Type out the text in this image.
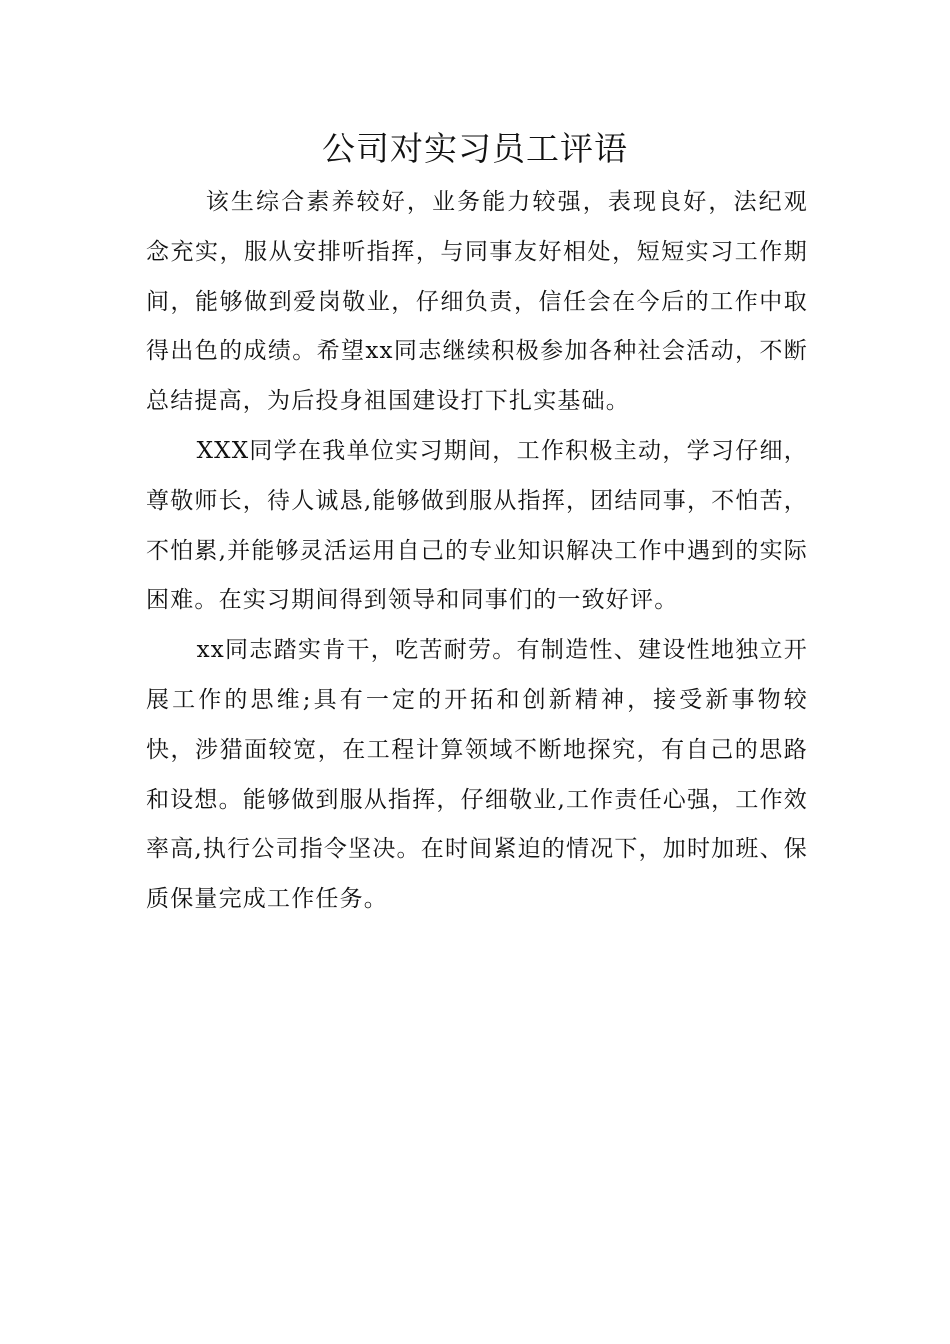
公司对实习员工评语

该生综合素养较好，业务能力较强，表现良好，法纪观念充实，服从安排听指挥，与同事友好相处，短短实习工作期间，能够做到爱岗敬业，仔细负责，信任会在今后的工作中取得出色的成绩。希望xx同志继续积极参加各种社会活动，不断总结提高，为后投身祖国建设打下扎实基础。

XXX同学在我单位实习期间，工作积极主动，学习仔细，尊敬师长，待人诚恳,能够做到服从指挥，团结同事，不怕苦，不怕累,并能够灵活运用自己的专业知识解决工作中遇到的实际困难。在实习期间得到领导和同事们的一致好评。

xx同志踏实肯干，吃苦耐劳。有制造性、建设性地独立开展工作的思维;具有一定的开拓和创新精神，接受新事物较快，涉猎面较宽，在工程计算领域不断地探究，有自己的思路和设想。能够做到服从指挥，仔细敬业,工作责任心强，工作效率高,执行公司指令坚决。在时间紧迫的情况下，加时加班、保质保量完成工作任务。
